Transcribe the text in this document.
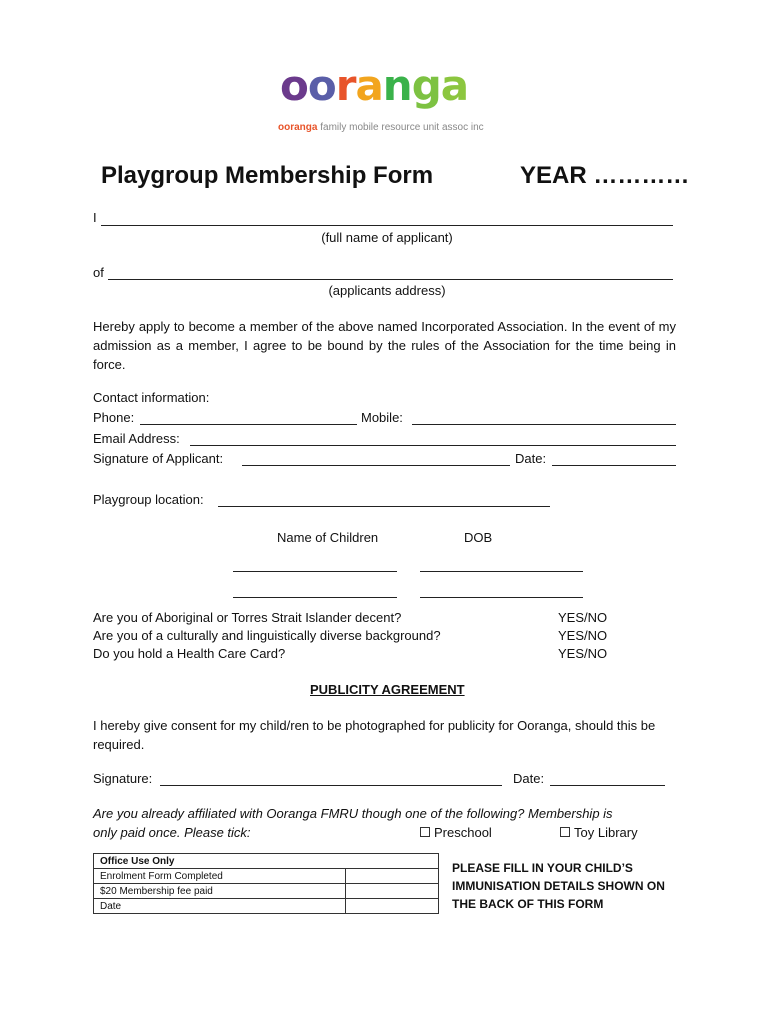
ooranga
ooranga family mobile resource unit assoc inc
Playgroup Membership Form	YEAR …………
I
(full name of applicant)
of
(applicants address)
Hereby apply to become a member of the above named Incorporated Association. In the event of my admission as a member, I agree to be bound by the rules of the Association for the time being in force.
Contact information:
Phone:	Mobile:
Email Address:
Signature of Applicant:	Date:
Playgroup location:
Name of Children	DOB
Are you of Aboriginal or Torres Strait Islander decent?	YES/NO
Are you of a culturally and linguistically diverse background?	YES/NO
Do you hold a Health Care Card?	YES/NO
PUBLICITY AGREEMENT
I hereby give consent for my child/ren to be photographed for publicity for Ooranga, should this be required.
Signature:	Date:
Are you already affiliated with Ooranga FMRU though one of the following? Membership is
only paid once. Please tick:	Preschool	Toy Library
Office Use Only	
Enrolment Form Completed	
$20 Membership fee paid	
Date	
PLEASE FILL IN YOUR CHILD’S IMMUNISATION DETAILS SHOWN ON THE BACK OF THIS FORM
